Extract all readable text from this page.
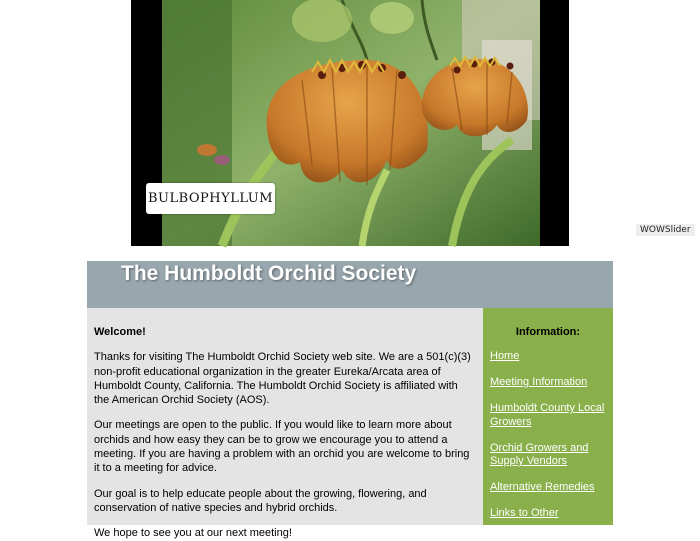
WOWSlider
BULBOPHYLLUM
The Humboldt Orchid Society
Welcome!

Thanks for visiting The Humboldt Orchid Society web site. We are a 501(c)(3) non-profit educational organization in the greater Eureka/Arcata area of Humboldt County, California. The Humboldt Orchid Society is affiliated with the American Orchid Society (AOS).

Our meetings are open to the public. If you would like to learn more about orchids and how easy they can be to grow we encourage you to attend a meeting. If you are having a problem with an orchid you are welcome to bring it to a meeting for advice.

Our goal is to help educate people about the growing, flowering, and conservation of native species and hybrid orchids.

We hope to see you at our next meeting!

Information:
Home
Meeting Information
Humboldt County Local Growers
Orchid Growers and Supply Vendors
Alternative Remedies
Links to Other
